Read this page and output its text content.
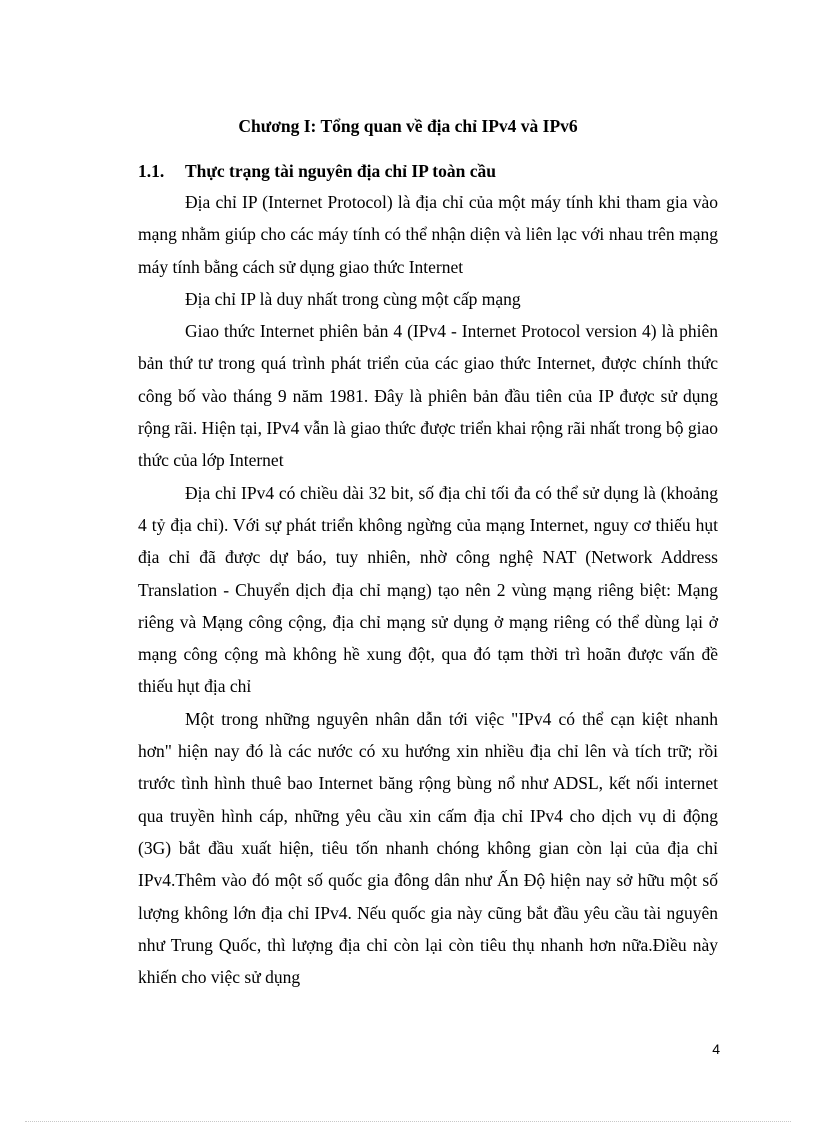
Chương I: Tổng quan về địa chỉ IPv4 và IPv6
1.1. Thực trạng tài nguyên địa chỉ IP toàn cầu

Địa chỉ IP (Internet Protocol) là địa chỉ của một máy tính khi tham gia vào mạng nhằm giúp cho các máy tính có thể nhận diện và liên lạc với nhau trên mạng máy tính bằng cách sử dụng giao thức Internet

Địa chỉ IP là duy nhất trong cùng một cấp mạng

Giao thức Internet phiên bản 4 (IPv4 - Internet Protocol version 4) là phiên bản thứ tư trong quá trình phát triển của các giao thức Internet, được chính thức công bố vào tháng 9 năm 1981. Đây là phiên bản đầu tiên của IP được sử dụng rộng rãi. Hiện tại, IPv4 vẫn là giao thức được triển khai rộng rãi nhất trong bộ giao thức của lớp Internet

Địa chỉ IPv4 có chiều dài 32 bit, số địa chỉ tối đa có thể sử dụng là (khoảng 4 tỷ địa chỉ). Với sự phát triển không ngừng của mạng Internet, nguy cơ thiếu hụt địa chỉ đã được dự báo, tuy nhiên, nhờ công nghệ NAT (Network Address Translation - Chuyển dịch địa chỉ mạng) tạo nên 2 vùng mạng riêng biệt: Mạng riêng và Mạng công cộng, địa chỉ mạng sử dụng ở mạng riêng có thể dùng lại ở mạng công cộng mà không hề xung đột, qua đó tạm thời trì hoãn được vấn đề thiếu hụt địa chỉ

Một trong những nguyên nhân dẫn tới việc "IPv4 có thể cạn kiệt nhanh hơn" hiện nay đó là các nước có xu hướng xin nhiều địa chỉ lên và tích trữ; rồi trước tình hình thuê bao Internet băng rộng bùng nổ như ADSL, kết nối internet qua truyền hình cáp, những yêu cầu xin cấm địa chỉ IPv4 cho dịch vụ di động (3G) bắt đầu xuất hiện, tiêu tốn nhanh chóng không gian còn lại của địa chỉ IPv4.Thêm vào đó một số quốc gia đông dân như Ấn Độ hiện nay sở hữu một số lượng không lớn địa chỉ IPv4. Nếu quốc gia này cũng bắt đầu yêu cầu tài nguyên như Trung Quốc, thì lượng địa chỉ còn lại còn tiêu thụ nhanh hơn nữa.Điều này khiến cho việc sử dụng

4
